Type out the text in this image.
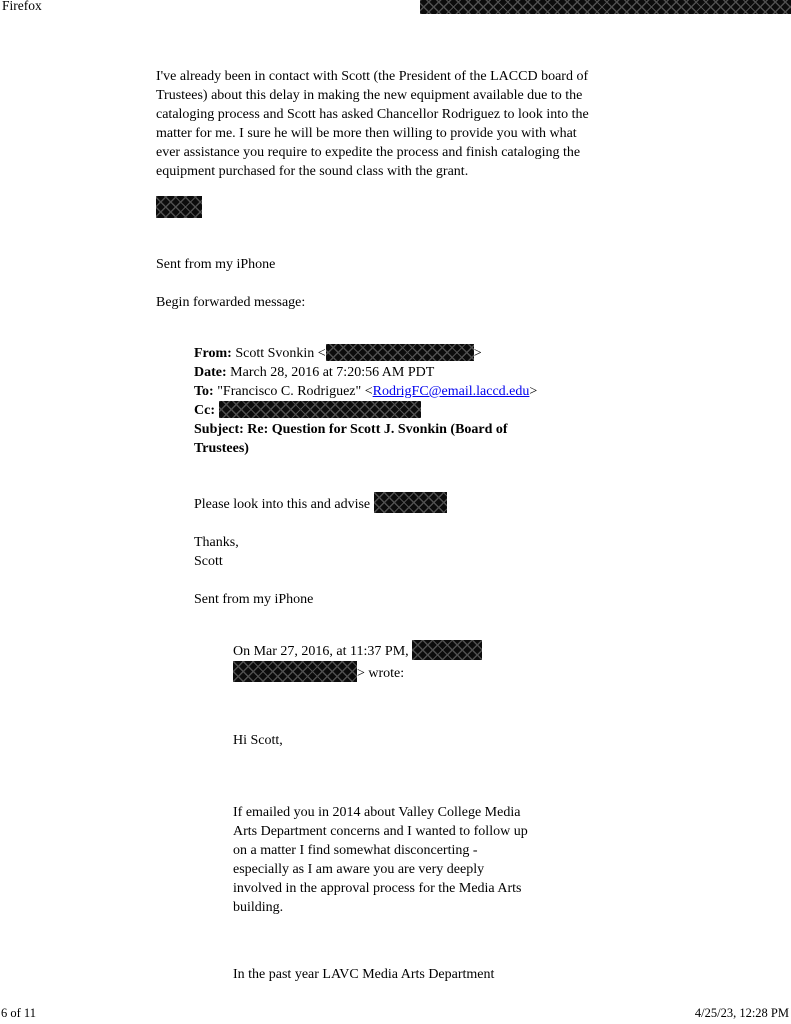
Firefox
I've already been in contact with Scott (the President of the LACCD board of
Trustees) about this delay in making the new equipment available due to the
cataloging process and Scott has asked Chancellor Rodriguez to look into the
matter for me. I sure he will be more then willing to provide you with what
ever assistance you require to expedite the process and finish cataloging the
equipment purchased for the sound class with the grant.

Sent from my iPhone

Begin forwarded message:

From: Scott Svonkin <	>
Date: March 28, 2016 at 7:20:56 AM PDT
To: "Francisco C. Rodriguez" <RodrigFC@email.laccd.edu>
Cc:
Subject: Re: Question for Scott J. Svonkin (Board of
Trustees)

Please look into this and advise

Thanks,
Scott

Sent from my iPhone

On Mar 27, 2016, at 11:37 PM,
> wrote:

Hi Scott,

If emailed you in 2014 about Valley College Media
Arts Department concerns and I wanted to follow up
on a matter I find somewhat disconcerting -
especially as I am aware you are very deeply
involved in the approval process for the Media Arts
building.

In the past year LAVC Media Arts Department

6 of 11	4/25/23, 12:28 PM
